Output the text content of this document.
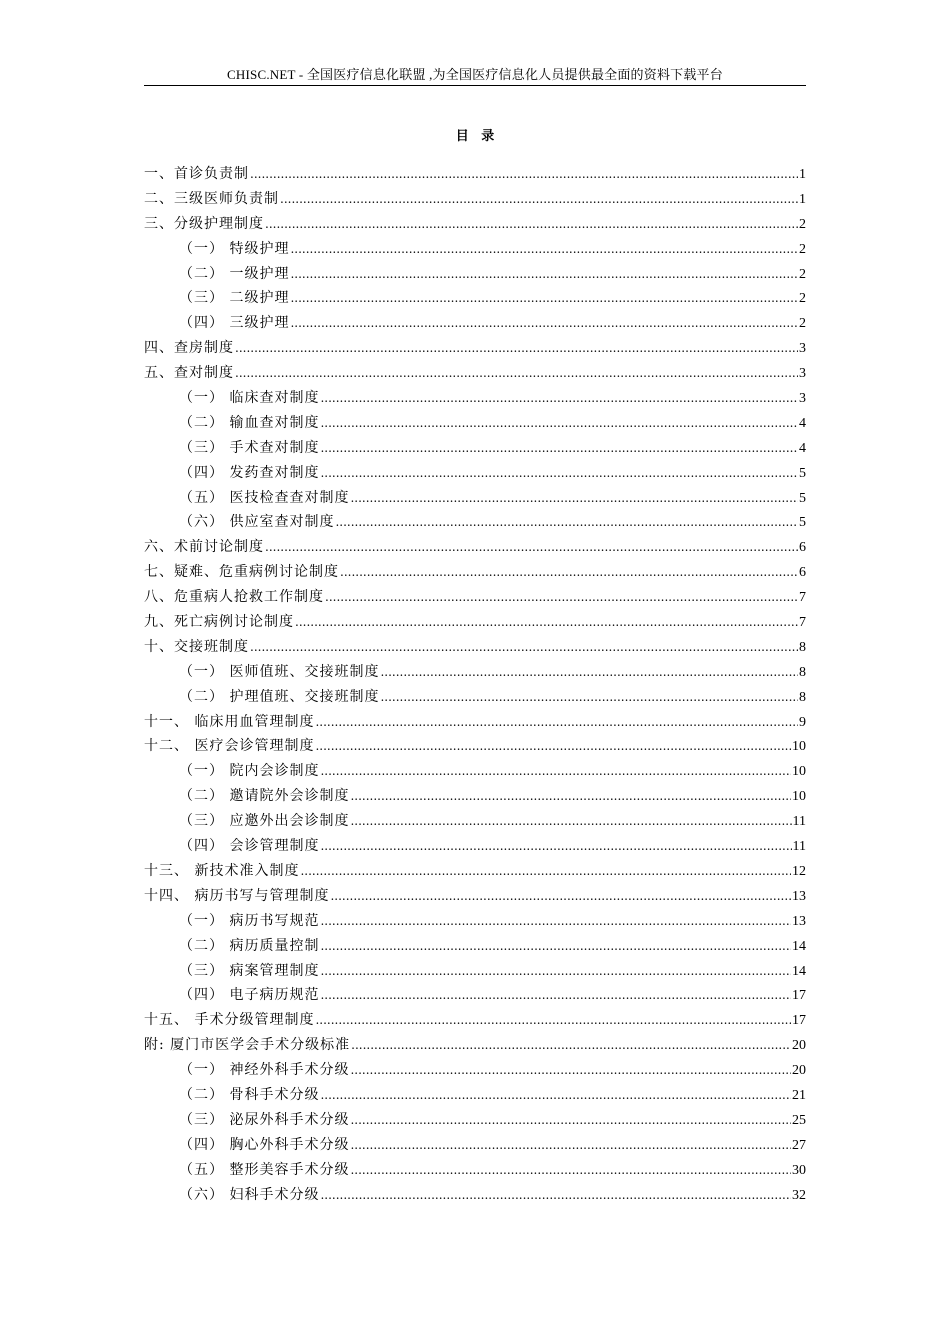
CHISC.NET - 全国医疗信息化联盟 ,为全国医疗信息化人员提供最全面的资料下载平台
目 录
一、首诊负责制 .....	1
二、三级医师负责制 .....	1
三、分级护理制度 .....	2
（一） 特级护理 .....	2
（二） 一级护理 .....	2
（三） 二级护理 .....	2
（四） 三级护理 .....	2
四、查房制度 .....	3
五、查对制度 .....	3
（一） 临床查对制度 .....	3
（二） 输血查对制度 .....	4
（三） 手术查对制度 .....	4
（四） 发药查对制度 .....	5
（五） 医技检查查对制度 .....	5
（六） 供应室查对制度 .....	5
六、术前讨论制度 .....	6
七、疑难、危重病例讨论制度 .....	6
八、危重病人抢救工作制度 .....	7
九、死亡病例讨论制度 .....	7
十、交接班制度 .....	8
（一） 医师值班、交接班制度 .....	8
（二） 护理值班、交接班制度 .....	8
十一、 临床用血管理制度 .....	9
十二、 医疗会诊管理制度 .....	10
（一） 院内会诊制度 .....	10
（二） 邀请院外会诊制度 .....	10
（三） 应邀外出会诊制度 .....	11
（四） 会诊管理制度 .....	11
十三、 新技术准入制度 .....	12
十四、 病历书写与管理制度 .....	13
（一） 病历书写规范 .....	13
（二） 病历质量控制 .....	14
（三） 病案管理制度 .....	14
（四） 电子病历规范 .....	17
十五、 手术分级管理制度 .....	17
附: 厦门市医学会手术分级标准 .....	20
（一） 神经外科手术分级 .....	20
（二） 骨科手术分级 .....	21
（三） 泌尿外科手术分级 .....	25
（四） 胸心外科手术分级 .....	27
（五） 整形美容手术分级 .....	30
（六） 妇科手术分级 .....	32
